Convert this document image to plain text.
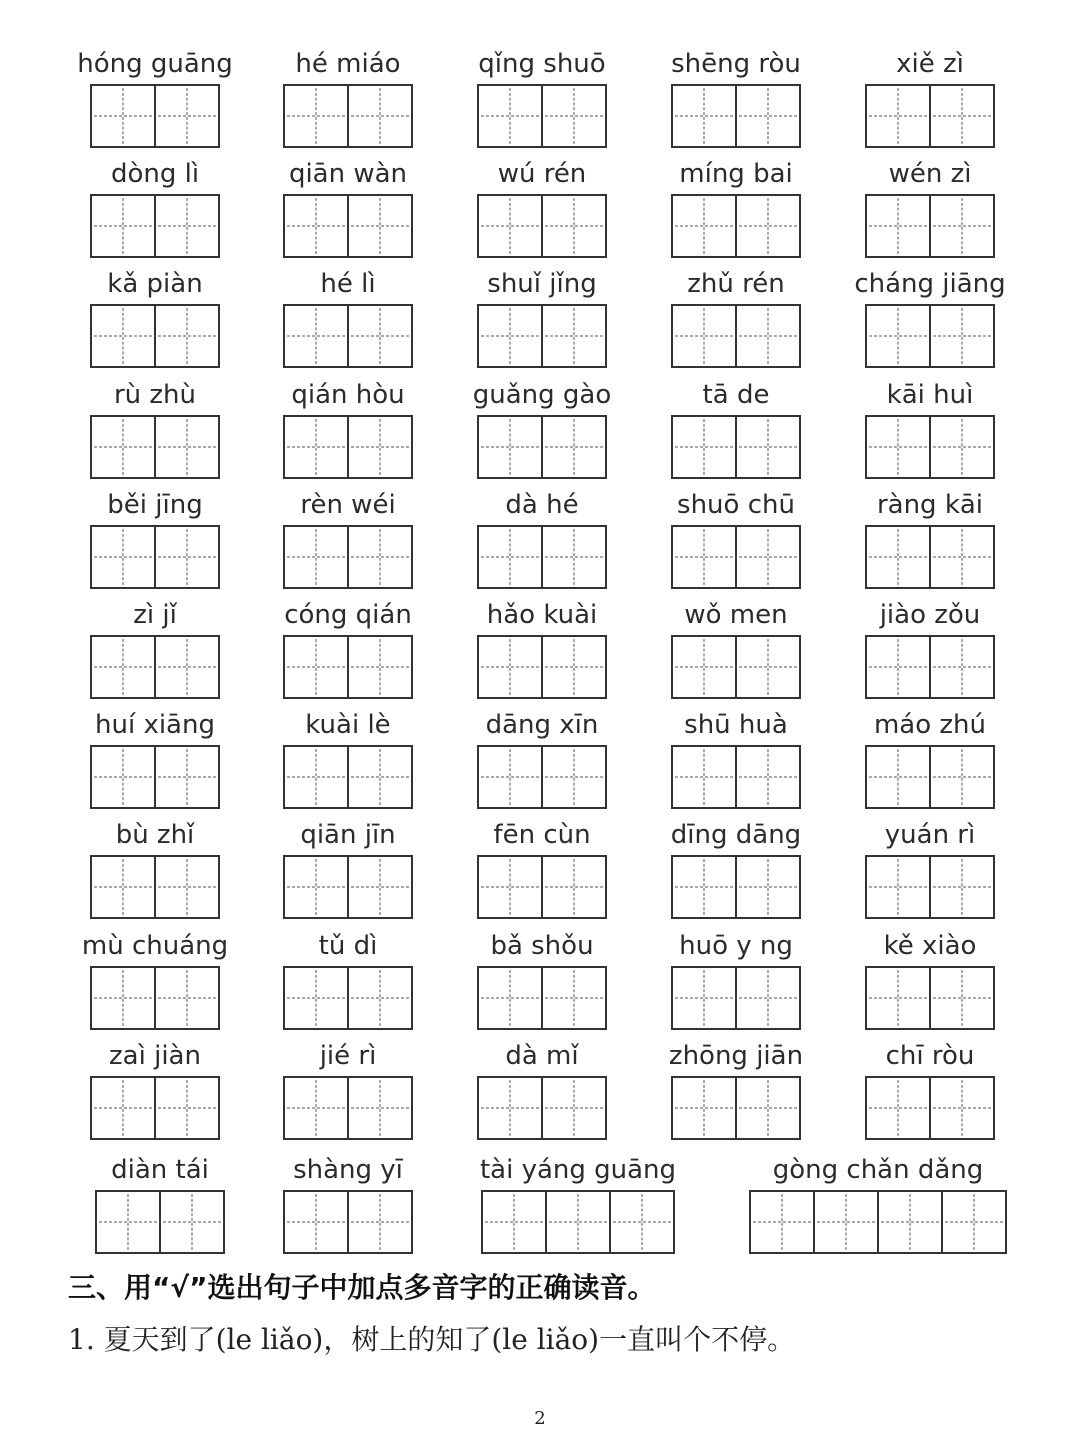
hóng guāng	hé miáo	qǐng shuō	shēng ròu	xiě zì
dòng lì	qiān wàn	wú rén	míng bai	wén zì
kǎ piàn	hé lì	shuǐ jǐng	zhǔ rén	cháng jiāng
rù zhù	qián hòu	guǎng gào	tā de	kāi huì
běi jīng	rèn wéi	dà hé	shuō chū	ràng kāi
zì jǐ	cóng qián	hǎo kuài	wǒ men	jiào zǒu
huí xiāng	kuài lè	dāng xīn	shū huà	máo zhú
bù zhǐ	qiān jīn	fēn cùn	dīng dāng	yuán rì
mù chuáng	tǔ dì	bǎ shǒu	huō y ng	kě xiào
zaì jiàn	jié rì	dà mǐ	zhōng jiān	chī ròu
diàn tái	shàng yī	tài yáng guāng	gòng chǎn dǎng
三、用“√”选出句子中加点多音字的正确读音。
1. 夏天到了(le liǎo)，树上的知了(le liǎo)一直叫个不停。
2
